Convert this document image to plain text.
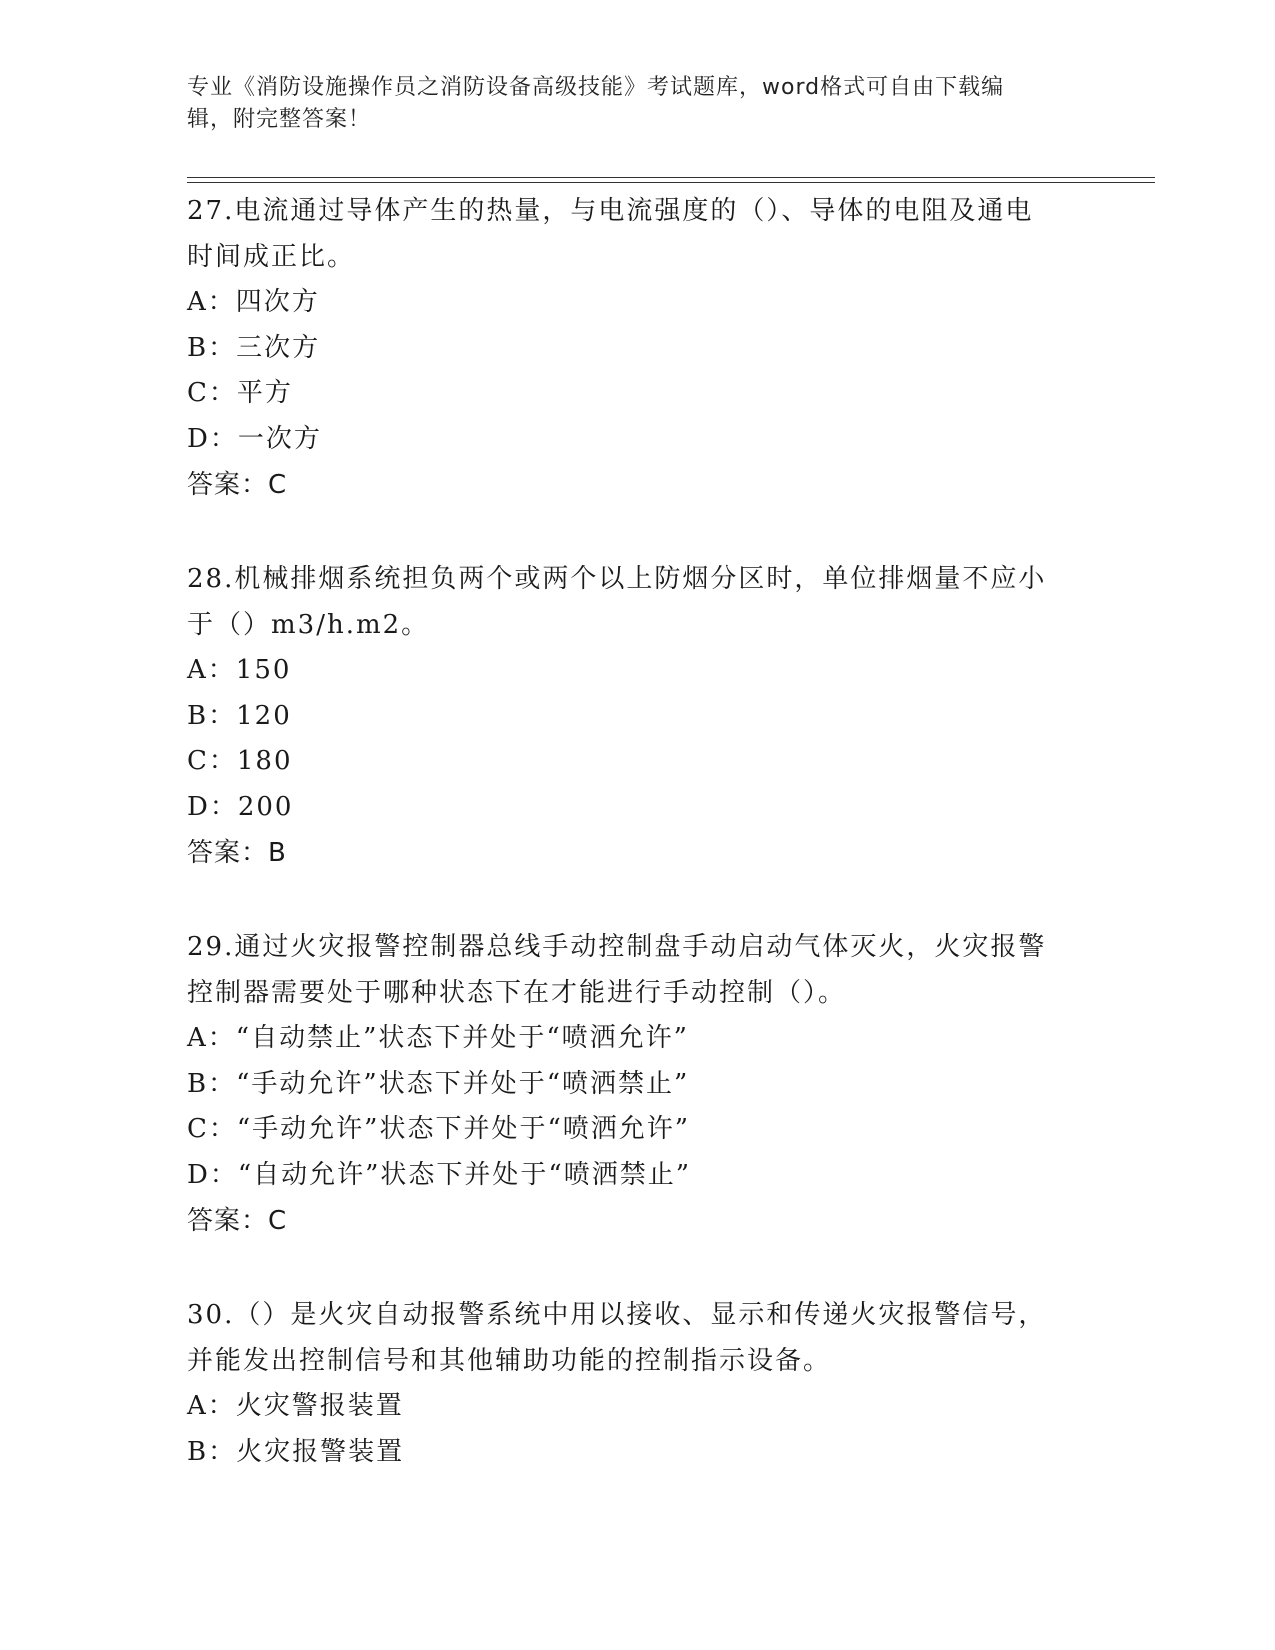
专业《消防设施操作员之消防设备高级技能》考试题库，word格式可自由下载编
辑，附完整答案！
27.电流通过导体产生的热量，与电流强度的（）、导体的电阻及通电
时间成正比。
A：四次方
B：三次方
C：平方
D：一次方
答案：C
28.机械排烟系统担负两个或两个以上防烟分区时，单位排烟量不应小
于（）m3/h.m2。
A：150
B：120
C：180
D：200
答案：B
29.通过火灾报警控制器总线手动控制盘手动启动气体灭火，火灾报警
控制器需要处于哪种状态下在才能进行手动控制（）。
A：“自动禁止”状态下并处于“喷洒允许”
B：“手动允许”状态下并处于“喷洒禁止”
C：“手动允许”状态下并处于“喷洒允许”
D：“自动允许”状态下并处于“喷洒禁止”
答案：C
30.（）是火灾自动报警系统中用以接收、显示和传递火灾报警信号，
并能发出控制信号和其他辅助功能的控制指示设备。
A：火灾警报装置
B：火灾报警装置
